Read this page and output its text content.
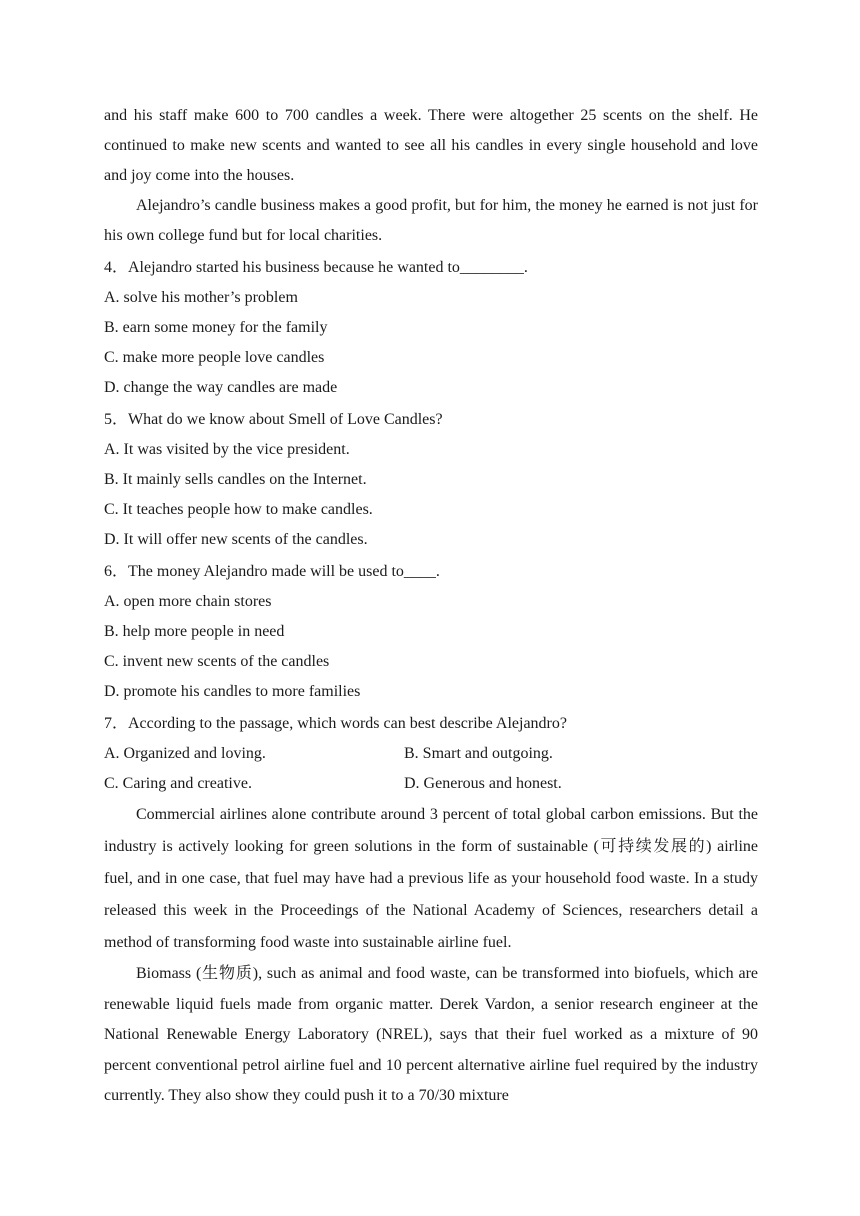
and his staff make 600 to 700 candles a week. There were altogether 25 scents on the shelf. He continued to make new scents and wanted to see all his candles in every single household and love and joy come into the houses.

Alejandro’s candle business makes a good profit, but for him, the money he earned is not just for his own college fund but for local charities.

4．Alejandro started his business because he wanted to________.

A. solve his mother’s problem

B. earn some money for the family

C. make more people love candles

D. change the way candles are made

5．What do we know about Smell of Love Candles?

A. It was visited by the vice president.

B. It mainly sells candles on the Internet.

C. It teaches people how to make candles.

D. It will offer new scents of the candles.

6．The money Alejandro made will be used to____.

A. open more chain stores

B. help more people in need

C. invent new scents of the candles

D. promote his candles to more families

7．According to the passage, which words can best describe Alejandro?

A. Organized and loving.	B. Smart and outgoing.
C. Caring and creative.	D. Generous and honest.

Commercial airlines alone contribute around 3 percent of total global carbon emissions. But the industry is actively looking for green solutions in the form of sustainable (可持续发展的) airline fuel, and in one case, that fuel may have had a previous life as your household food waste. In a study released this week in the Proceedings of the National Academy of Sciences, researchers detail a method of transforming food waste into sustainable airline fuel.

Biomass (生物质), such as animal and food waste, can be transformed into biofuels, which are renewable liquid fuels made from organic matter. Derek Vardon, a senior research engineer at the National Renewable Energy Laboratory (NREL), says that their fuel worked as a mixture of 90 percent conventional petrol airline fuel and 10 percent alternative airline fuel required by the industry currently. They also show they could push it to a 70/30 mixture
